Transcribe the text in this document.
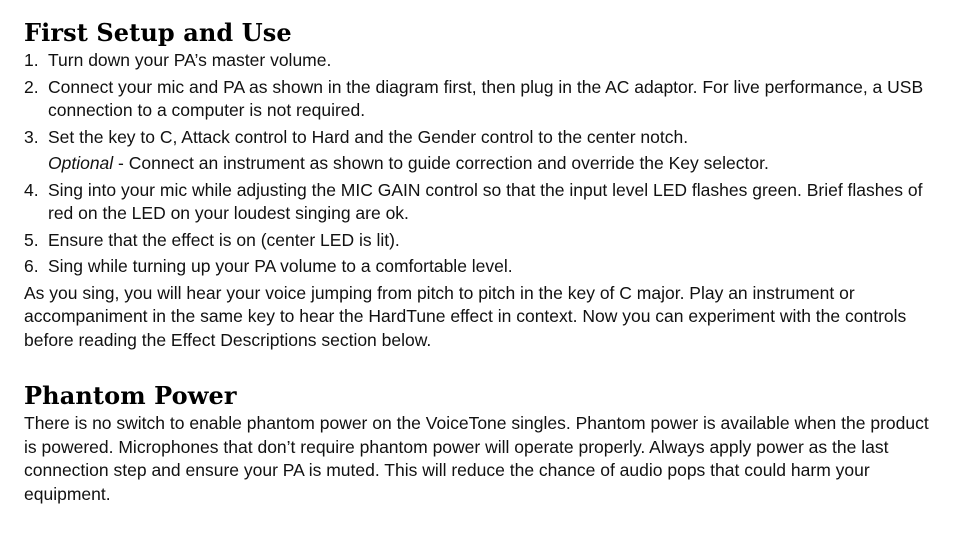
First Setup and Use
1. Turn down your PA’s master volume.
2. Connect your mic and PA as shown in the diagram first, then plug in the AC adaptor. For live performance, a USB connection to a computer is not required.
3. Set the key to C, Attack control to Hard and the Gender control to the center notch.
Optional - Connect an instrument as shown to guide correction and override the Key selector.
4. Sing into your mic while adjusting the MIC GAIN control so that the input level LED flashes green. Brief flashes of red on the LED on your loudest singing are ok.
5. Ensure that the effect is on (center LED is lit).
6. Sing while turning up your PA volume to a comfortable level.

As you sing, you will hear your voice jumping from pitch to pitch in the key of C major. Play an instrument or accompaniment in the same key to hear the HardTune effect in context. Now you can experiment with the controls before reading the Effect Descriptions section below.

Phantom Power

There is no switch to enable phantom power on the VoiceTone singles. Phantom power is available when the product is powered. Microphones that don’t require phantom power will operate properly. Always apply power as the last connection step and ensure your PA is muted. This will reduce the chance of audio pops that could harm your equipment.
